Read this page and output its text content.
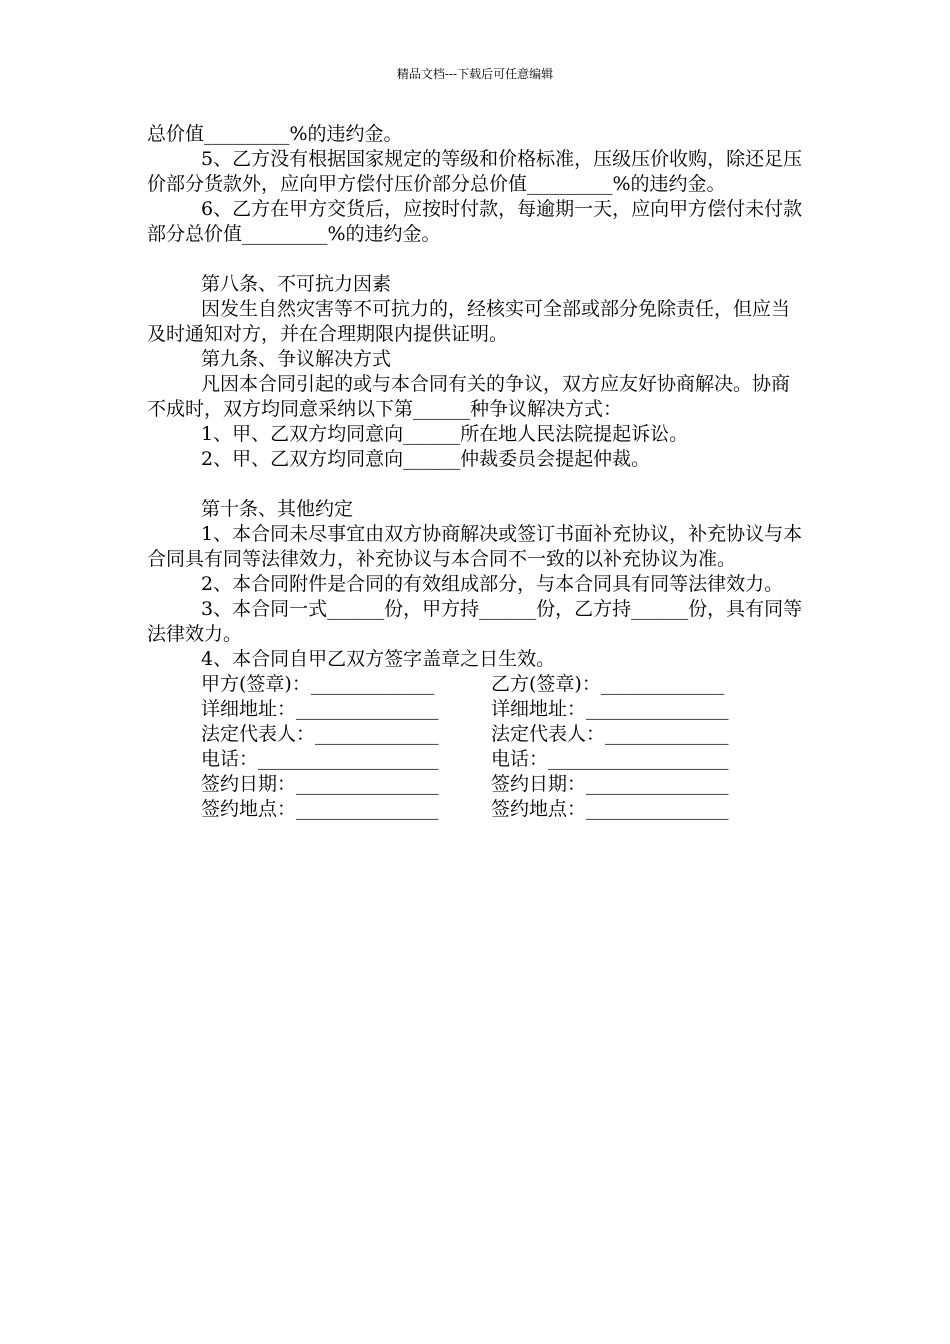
精品文档---下载后可任意编辑

总价值_________%的违约金。

5、乙方没有根据国家规定的等级和价格标准，压级压价收购，除还足压价部分货款外，应向甲方偿付压价部分总价值_________%的违约金。

6、乙方在甲方交货后，应按时付款，每逾期一天，应向甲方偿付未付款部分总价值_________%的违约金。

第八条、不可抗力因素

因发生自然灾害等不可抗力的，经核实可全部或部分免除责任，但应当及时通知对方，并在合理期限内提供证明。

第九条、争议解决方式

凡因本合同引起的或与本合同有关的争议，双方应友好协商解决。协商不成时，双方均同意采纳以下第______种争议解决方式：

1、甲、乙双方均同意向______所在地人民法院提起诉讼。

2、甲、乙双方均同意向______仲裁委员会提起仲裁。

第十条、其他约定

1、本合同未尽事宜由双方协商解决或签订书面补充协议，补充协议与本合同具有同等法律效力，补充协议与本合同不一致的以补充协议为准。

2、本合同附件是合同的有效组成部分，与本合同具有同等法律效力。

3、本合同一式______份，甲方持______份，乙方持______份，具有同等法律效力。

4、本合同自甲乙双方签字盖章之日生效。

甲方(签章)：_____________	乙方(签章)：_____________
详细地址：_______________	详细地址：_______________
法定代表人：_____________	法定代表人：_____________
电话：___________________	电话：___________________
签约日期：_______________	签约日期：_______________
签约地点：_______________	签约地点：_______________
